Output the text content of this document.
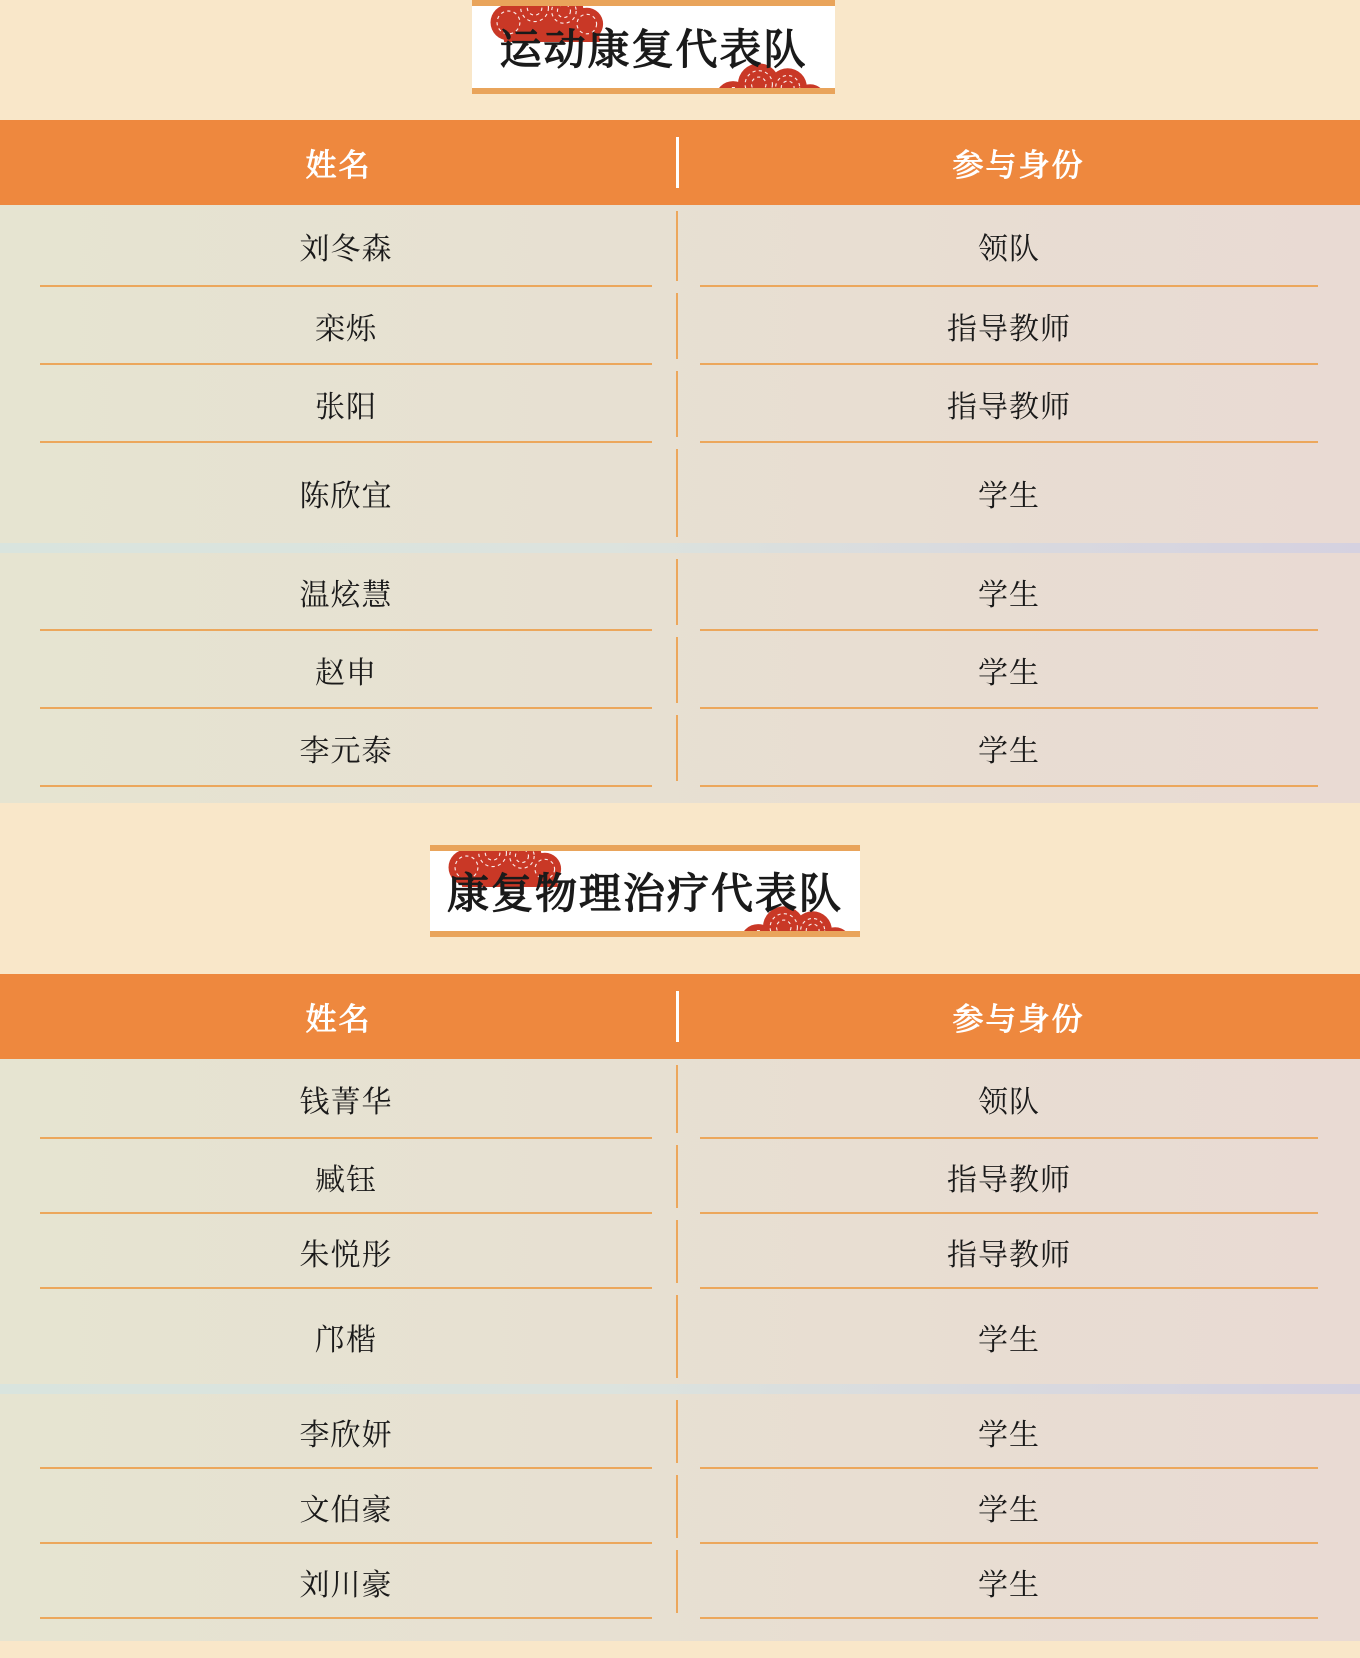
运动康复代表队
姓名	参与身份
刘冬森	领队
栾烁	指导教师
张阳	指导教师
陈欣宜	学生
温炫慧	学生
赵申	学生
李元泰	学生
康复物理治疗代表队
姓名	参与身份
钱菁华	领队
臧钰	指导教师
朱悦彤	指导教师
邝楷	学生
李欣妍	学生
文伯豪	学生
刘川豪	学生
